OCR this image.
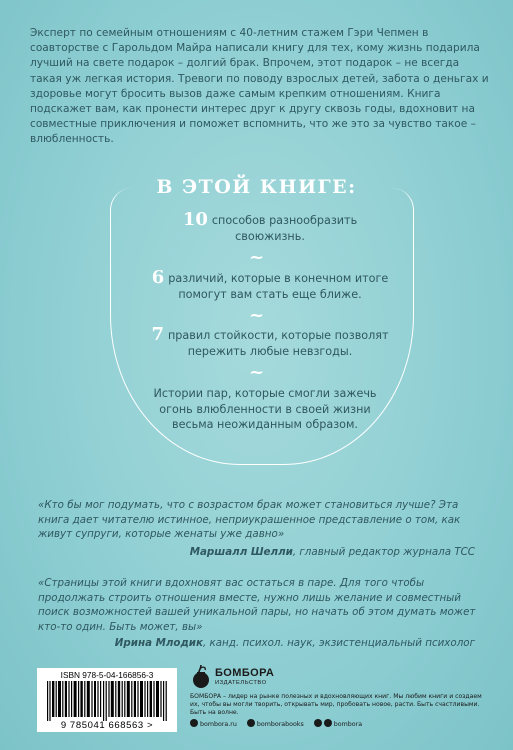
Эксперт по семейным отношениям с 40-летним стажем Гэри Чепмен в соавторстве с Гарольдом Майра написали книгу для тех, кому жизнь подарила лучший на свете подарок – долгий брак. Впрочем, этот подарок – не всегда такая уж легкая история. Тревоги по поводу взрослых детей, забота о деньгах и здоровье могут бросить вызов даже самым крепким отношениям. Книга подскажет вам, как пронести интерес друг к другу сквозь годы, вдохновит на совместные приключения и поможет вспомнить, что же это за чувство такое – влюбленность.
В ЭТОЙ КНИГЕ:
10 способов разнообразить своюжизнь.
~
6 различий, которые в конечном итоге помогут вам стать еще ближе.
~
7 правил стойкости, которые позволят пережить любые невзгоды.
~
Истории пар, которые смогли зажечь огонь влюбленности в своей жизни весьма неожиданным образом.
«Кто бы мог подумать, что с возрастом брак может становиться лучше? Эта книга дает читателю истинное, неприукрашенное представление о том, как живут супруги, которые женаты уже давно»
Маршалл Шелли, главный редактор журнала ТСС
«Страницы этой книги вдохновят вас остаться в паре. Для того чтобы продолжать строить отношения вместе, нужно лишь желание и совместный поиск возможностей вашей уникальной пары, но начать об этом думать может кто-то один. Быть может, вы»
Ирина Млодик, канд. психол. наук, экзистенциальный психолог
ISBN 978-5-04-166856-3
9 785041 668563 >
БОМБОРА
ИЗДАТЕЛЬСТВО
БОМБОРА – лидер на рынке полезных и вдохновляющих книг. Мы любим книги и создаем их, чтобы вы могли творить, открывать мир, пробовать новое, расти. Быть счастливыми. Быть на волне.
bombora.ru	bomborabooks	bombora
